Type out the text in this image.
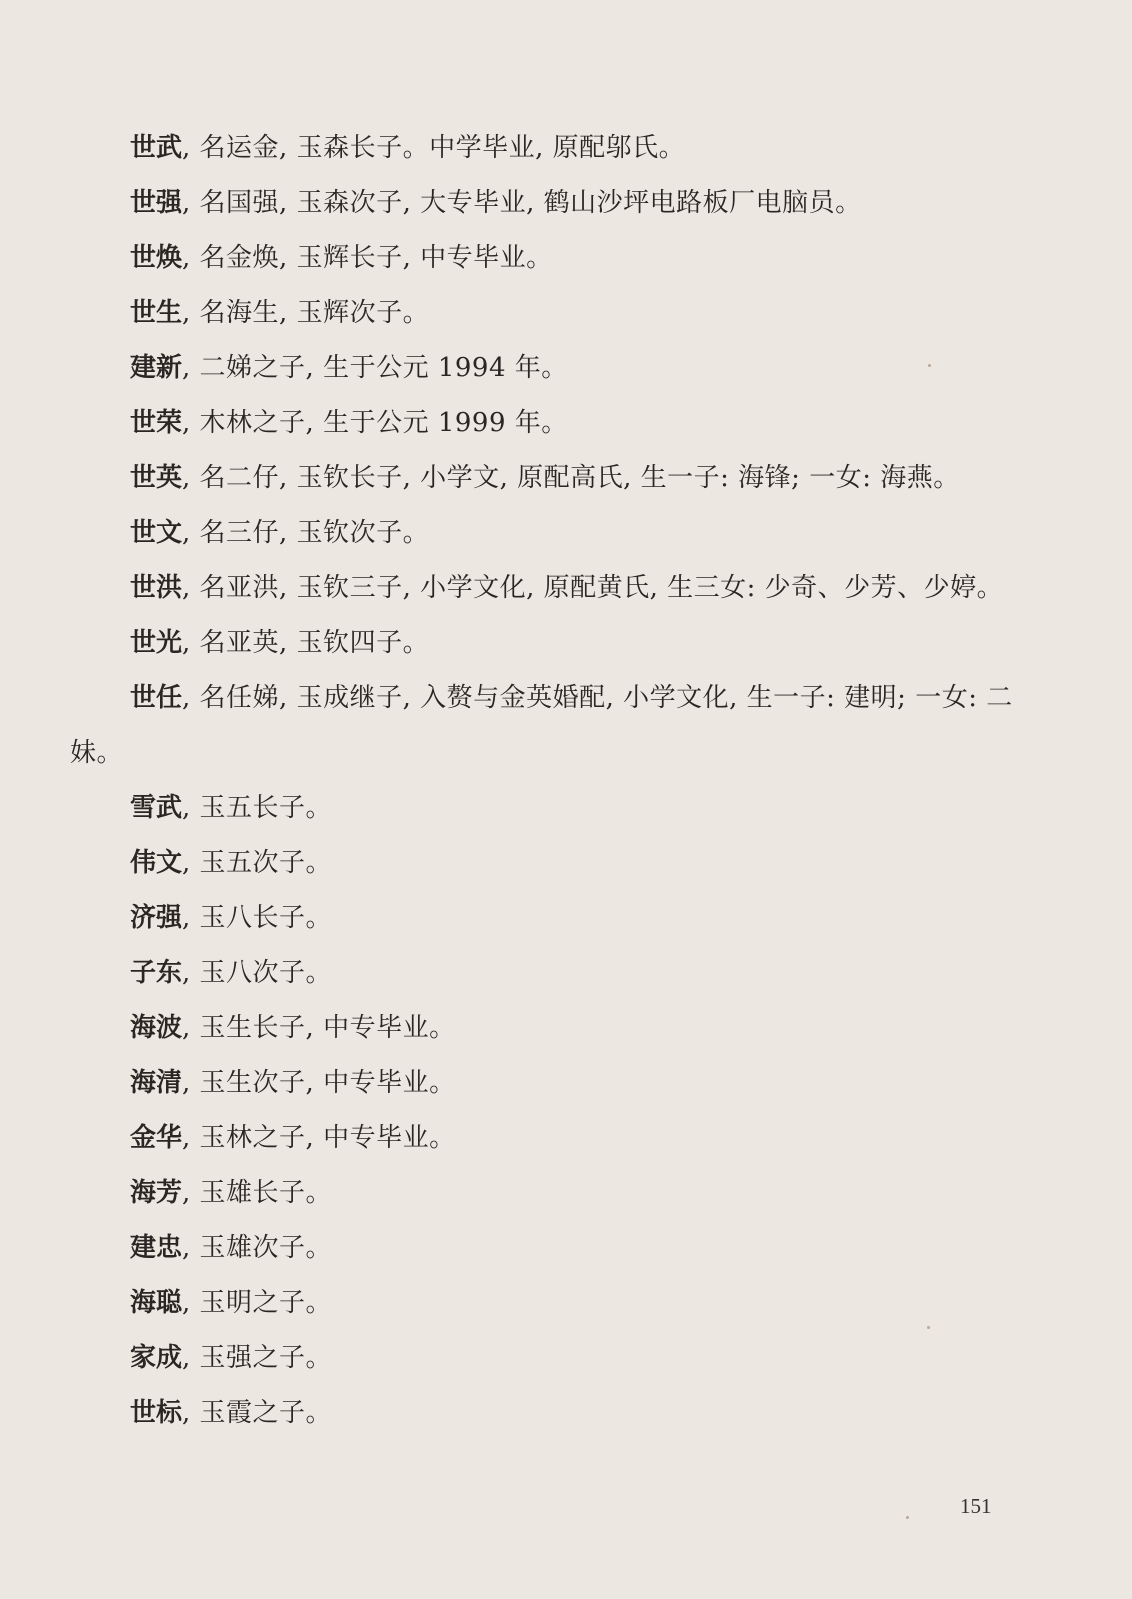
世武, 名运金, 玉森长子。中学毕业, 原配邬氏。

世强, 名国强, 玉森次子, 大专毕业, 鹤山沙坪电路板厂电脑员。

世焕, 名金焕, 玉辉长子, 中专毕业。

世生, 名海生, 玉辉次子。

建新, 二娣之子, 生于公元 1994 年。

世荣, 木林之子, 生于公元 1999 年。

世英, 名二仔, 玉钦长子, 小学文, 原配高氏, 生一子: 海锋; 一女: 海燕。

世文, 名三仔, 玉钦次子。

世洪, 名亚洪, 玉钦三子, 小学文化, 原配黄氏, 生三女: 少奇、少芳、少婷。

世光, 名亚英, 玉钦四子。

世任, 名任娣, 玉成继子, 入赘与金英婚配, 小学文化, 生一子: 建明; 一女: 二妹。

雪武, 玉五长子。

伟文, 玉五次子。

济强, 玉八长子。

子东, 玉八次子。

海波, 玉生长子, 中专毕业。

海清, 玉生次子, 中专毕业。

金华, 玉林之子, 中专毕业。

海芳, 玉雄长子。

建忠, 玉雄次子。

海聪, 玉明之子。

家成, 玉强之子。

世标, 玉霞之子。

151
